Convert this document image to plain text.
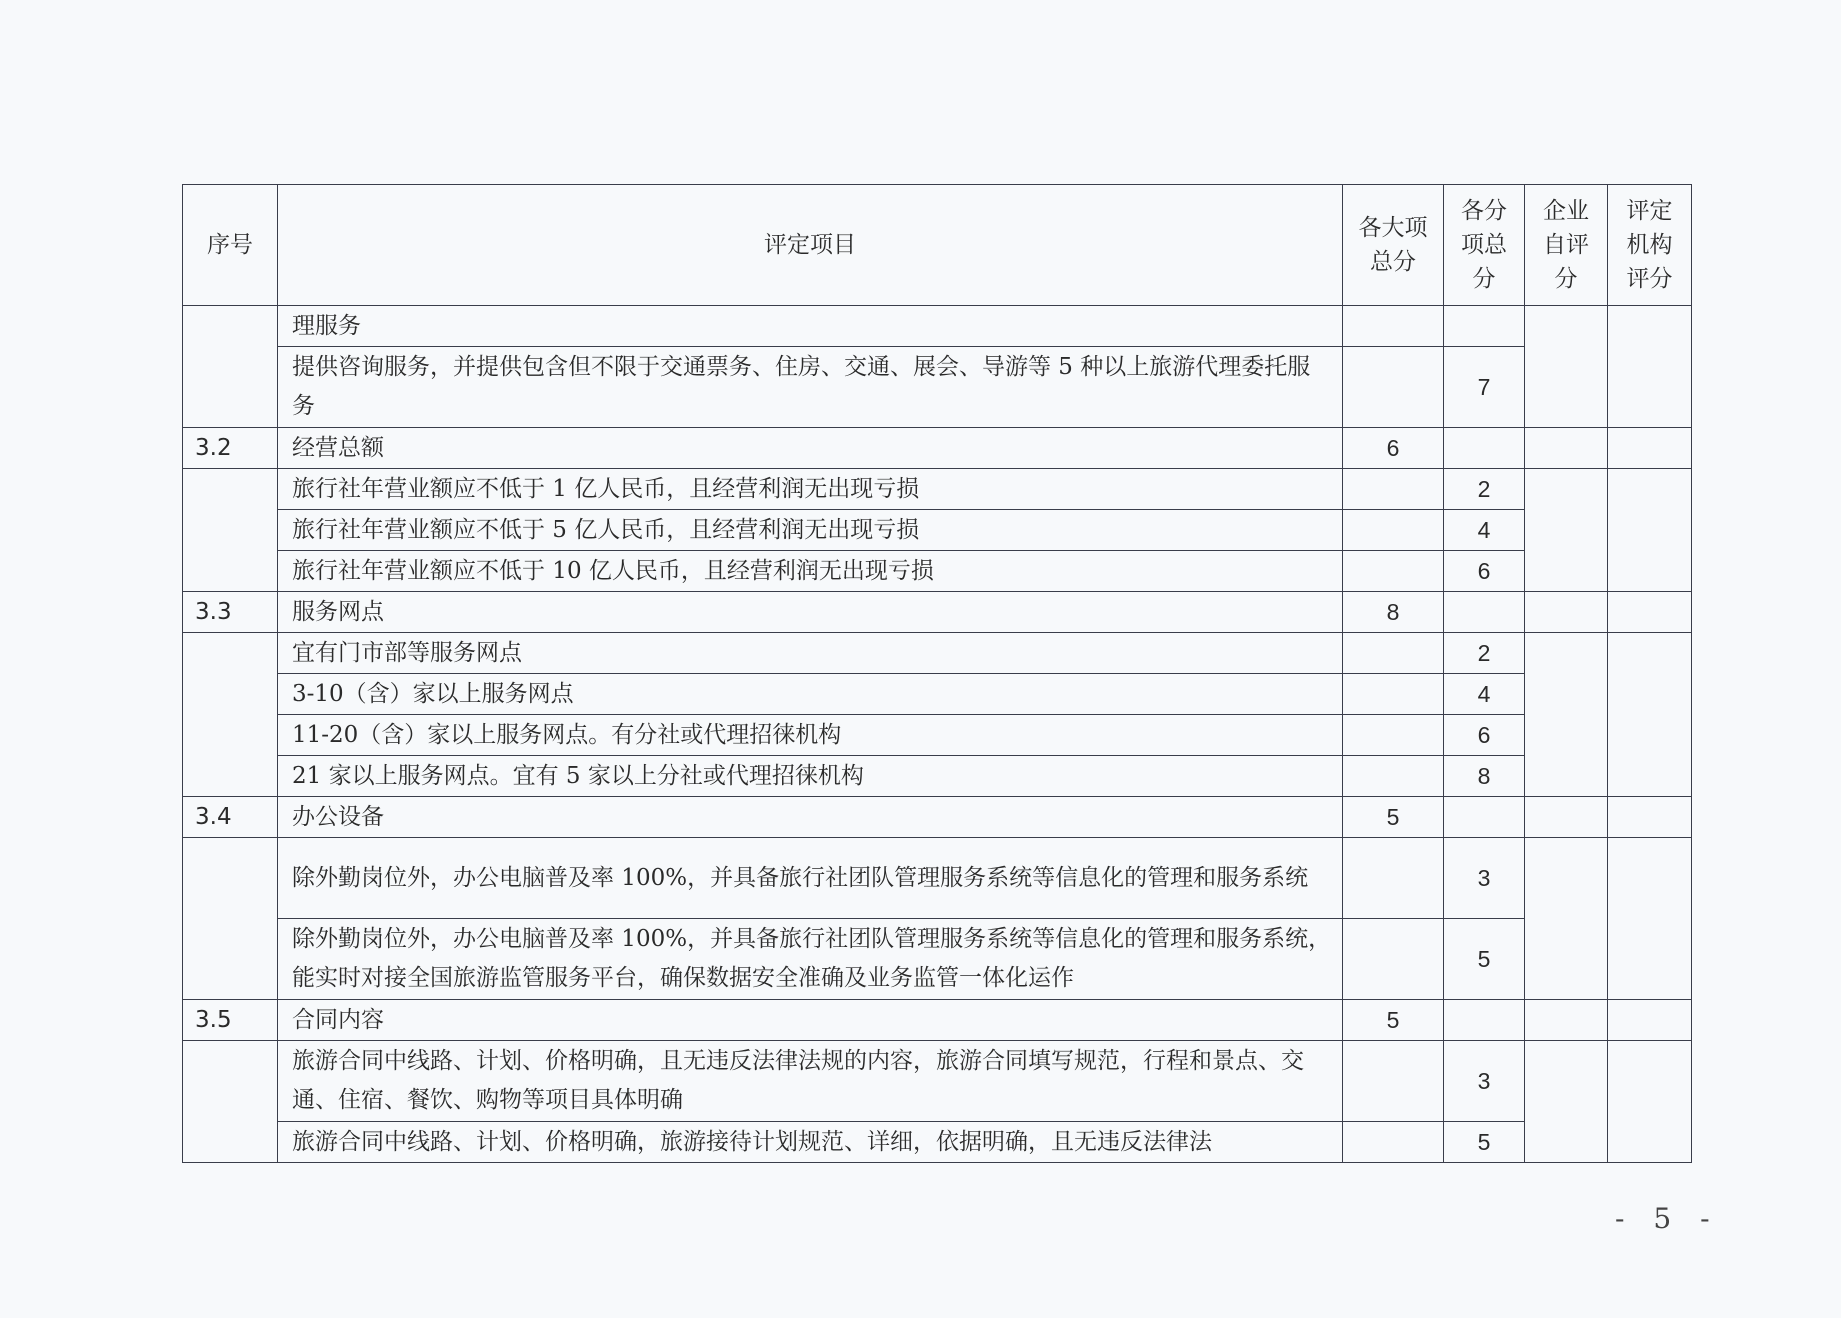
序号	评定项目	各大项总分	各分项总分	企业自评分	评定机构评分
	理服务				
	提供咨询服务，并提供包含但不限于交通票务、住房、交通、展会、导游等 5 种以上旅游代理委托服务		7		
3.2	经营总额	6			
	旅行社年营业额应不低于 1 亿人民币，且经营利润无出现亏损		2		
	旅行社年营业额应不低于 5 亿人民币，且经营利润无出现亏损		4		
	旅行社年营业额应不低于 10 亿人民币，且经营利润无出现亏损		6		
3.3	服务网点	8			
	宜有门市部等服务网点		2		
	3-10（含）家以上服务网点		4		
	11-20（含）家以上服务网点。有分社或代理招徕机构		6		
	21 家以上服务网点。宜有 5 家以上分社或代理招徕机构		8		
3.4	办公设备	5			
	除外勤岗位外，办公电脑普及率 100%，并具备旅行社团队管理服务系统等信息化的管理和服务系统		3		
	除外勤岗位外，办公电脑普及率 100%，并具备旅行社团队管理服务系统等信息化的管理和服务系统，能实时对接全国旅游监管服务平台，确保数据安全准确及业务监管一体化运作		5		
3.5	合同内容	5			
	旅游合同中线路、计划、价格明确，且无违反法律法规的内容，旅游合同填写规范，行程和景点、交通、住宿、餐饮、购物等项目具体明确		3		
	旅游合同中线路、计划、价格明确，旅游接待计划规范、详细，依据明确，且无违反法律法		5		
- 5 -
